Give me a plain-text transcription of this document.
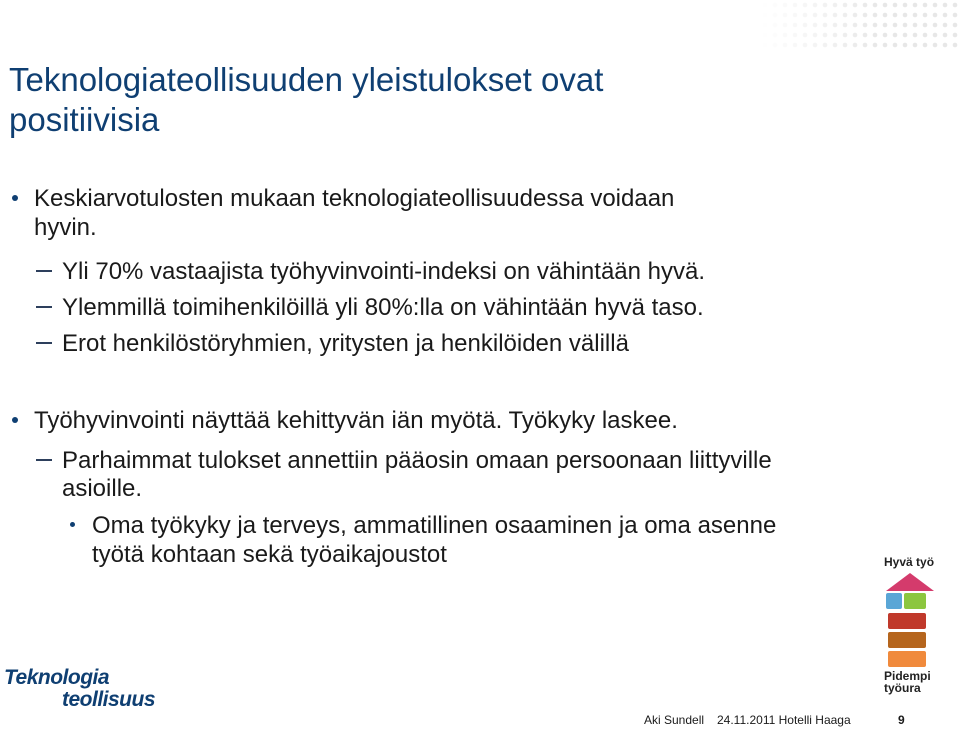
Teknologiateollisuuden yleistulokset ovat positiivisia
Keskiarvotulosten mukaan teknologiateollisuudessa voidaan
hyvin.
Yli 70% vastaajista työhyvinvointi-indeksi on vähintään hyvä.
Ylemmillä toimihenkilöillä yli 80%:lla on vähintään hyvä taso.
Erot henkilöstöryhmien, yritysten ja henkilöiden välillä
Työhyvinvointi näyttää kehittyvän iän myötä. Työkyky laskee.
Parhaimmat tulokset annettiin pääosin omaan persoonaan liittyville
asioille.
Oma työkyky ja terveys, ammatillinen osaaminen ja oma asenne
työtä kohtaan sekä työaikajoustot
Teknologia
teollisuus
Hyvä työ
Pidempi
työura
Aki Sundell 24.11.2011 Hotelli Haaga	9
